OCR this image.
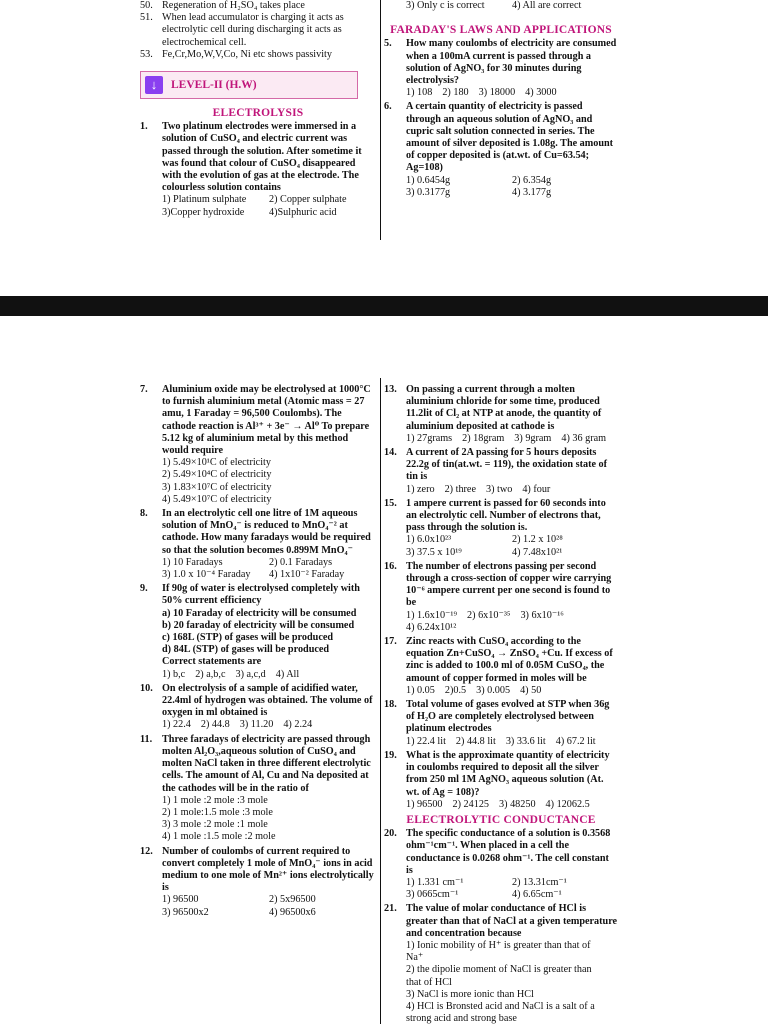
50. Regeneration of H₂SO₄ takes place
51. When lead accumulator is charging it acts as electrolytic cell during discharging it acts as electrochemical cell.
53. Fe,Cr,Mo,W,V,Co, Ni etc shows passivity
↓	LEVEL-II (H.W)
ELECTROLYSIS
1.	Two platinum electrodes were immersed in a solution of CuSO₄ and electric current was passed through the solution. After sometime it was found that colour of CuSO₄ disappeared with the evolution of gas at the electrode. The colourless solution contains
1) Platinum sulphate	2) Copper sulphate
3)Copper hydroxide	4)Sulphuric acid
3) Only c is correct	4) All are correct
FARADAY'S LAWS AND APPLICATIONS
5.	How many coulombs of electricity are consumed when a 100mA current is passed through a solution of AgNO₃ for 30 minutes during electrolysis?
1) 108 2) 180 3) 18000 4) 3000
6.	A certain quantity of electricity is passed through an aqueous solution of AgNO₃ and cupric salt solution connected in series. The amount of silver deposited is 1.08g. The amount of copper deposited is (at.wt. of Cu=63.54; Ag=108)
1) 0.6454g	2) 6.354g
3) 0.3177g	4) 3.177g
7.	Aluminium oxide may be electrolysed at 1000°C to furnish aluminium metal (Atomic mass = 27 amu, 1 Faraday = 96,500 Coulombs). The cathode reaction is Al³⁺ + 3e⁻ → Al⁰ To prepare 5.12 kg of aluminium metal by this method would require
1) 5.49×10¹C of electricity
2) 5.49×10⁴C of electricity
3) 1.83×10⁷C of electricity
4) 5.49×10⁷C of electricity
8.	In an electrolytic cell one litre of 1M aqueous solution of MnO₄⁻ is reduced to MnO₄⁻² at cathode. How many faradays would be required so that the solution becomes 0.899M MnO₄⁻
1) 10 Faradays	2) 0.1 Faradays
3) 1.0 x 10⁻⁴ Faraday	4) 1x10⁻² Faraday
9.	If 90g of water is electrolysed completely with 50% current efficiency
a) 10 Faraday of electricity will be consumed
b) 20 faraday of electricity will be consumed
c) 168L (STP) of gases will be produced
d) 84L (STP) of gases will be produced
Correct statements are
1) b,c 2) a,b,c 3) a,c,d 4) All
10. On electrolysis of a sample of acidified water, 22.4ml of hydrogen was obtained. The volume of oxygen in ml obtained is
1) 22.4 2) 44.8 3) 11.20 4) 2.24
11. Three faradays of electricity are passed through molten Al₂O₃,aqueous solution of CuSO₄ and molten NaCl taken in three different electrolytic cells. The amount of Al, Cu and Na deposited at the cathodes will be in the ratio of
1) 1 mole :2 mole :3 mole
2) 1 mole:1.5 mole :3 mole
3) 3 mole :2 mole :1 mole
4) 1 mole :1.5 mole :2 mole
12. Number of coulombs of current required to convert completely 1 mole of MnO₄⁻ ions in acid medium to one mole of Mn²⁺ ions electrolytically is
1) 96500	2) 5x96500
3) 96500x2	4) 96500x6
13. On passing a current through a molten aluminium chloride for some time, produced 11.2lit of Cl₂ at NTP at anode, the quantity of aluminium deposited at cathode is
1) 27grams 2) 18gram 3) 9gram 4) 36 gram
14. A current of 2A passing for 5 hours deposits 22.2g of tin(at.wt. = 119), the oxidation state of tin is
1) zero 2) three 3) two 4) four
15. 1 ampere current is passed for 60 seconds into an electrolytic cell. Number of electrons that, pass through the solution is.
1) 6.0x10²³	2) 1.2 x 10²⁸
3) 37.5 x 10¹⁹	4) 7.48x10²¹
16. The number of electrons passing per second through a cross-section of copper wire carrying 10⁻⁶ ampere current per one second is found to be
1) 1.6x10⁻¹⁹ 2) 6x10⁻³⁵ 3) 6x10⁻¹⁶
4) 6.24x10¹²
17. Zinc reacts with CuSO₄ according to the equation Zn+CuSO₄ → ZnSO₄ +Cu. If excess of zinc is added to 100.0 ml of 0.05M CuSO₄, the amount of copper formed in moles will be
1) 0.05 2)0.5 3) 0.005 4) 50
18. Total volume of gases evolved at STP when 36g of H₂O are completely electrolysed between platinum electrodes
1) 22.4 lit 2) 44.8 lit 3) 33.6 lit 4) 67.2 lit
19. What is the approximate quantity of electricity in coulombs required to deposit all the silver from 250 ml 1M AgNO₃ aqueous solution (At. wt. of Ag = 108)?
1) 96500 2) 24125 3) 48250 4) 12062.5
ELECTROLYTIC CONDUCTANCE
20. The specific conductance of a solution is 0.3568 ohm⁻¹cm⁻¹. When placed in a cell the conductance is 0.0268 ohm⁻¹. The cell constant is
1) 1.331 cm⁻¹	2) 13.31cm⁻¹
3) 0665cm⁻¹	4) 6.65cm⁻¹
21. The value of molar conductance of HCl is greater than that of NaCl at a given temperature and concentration because
1) Ionic mobility of H⁺ is greater than that of Na⁺
2) the dipolie moment of NaCl is greater than that of HCl
3) NaCl is more ionic than HCl
4) HCl is Bronsted acid and NaCl is a salt of a strong acid and strong base
